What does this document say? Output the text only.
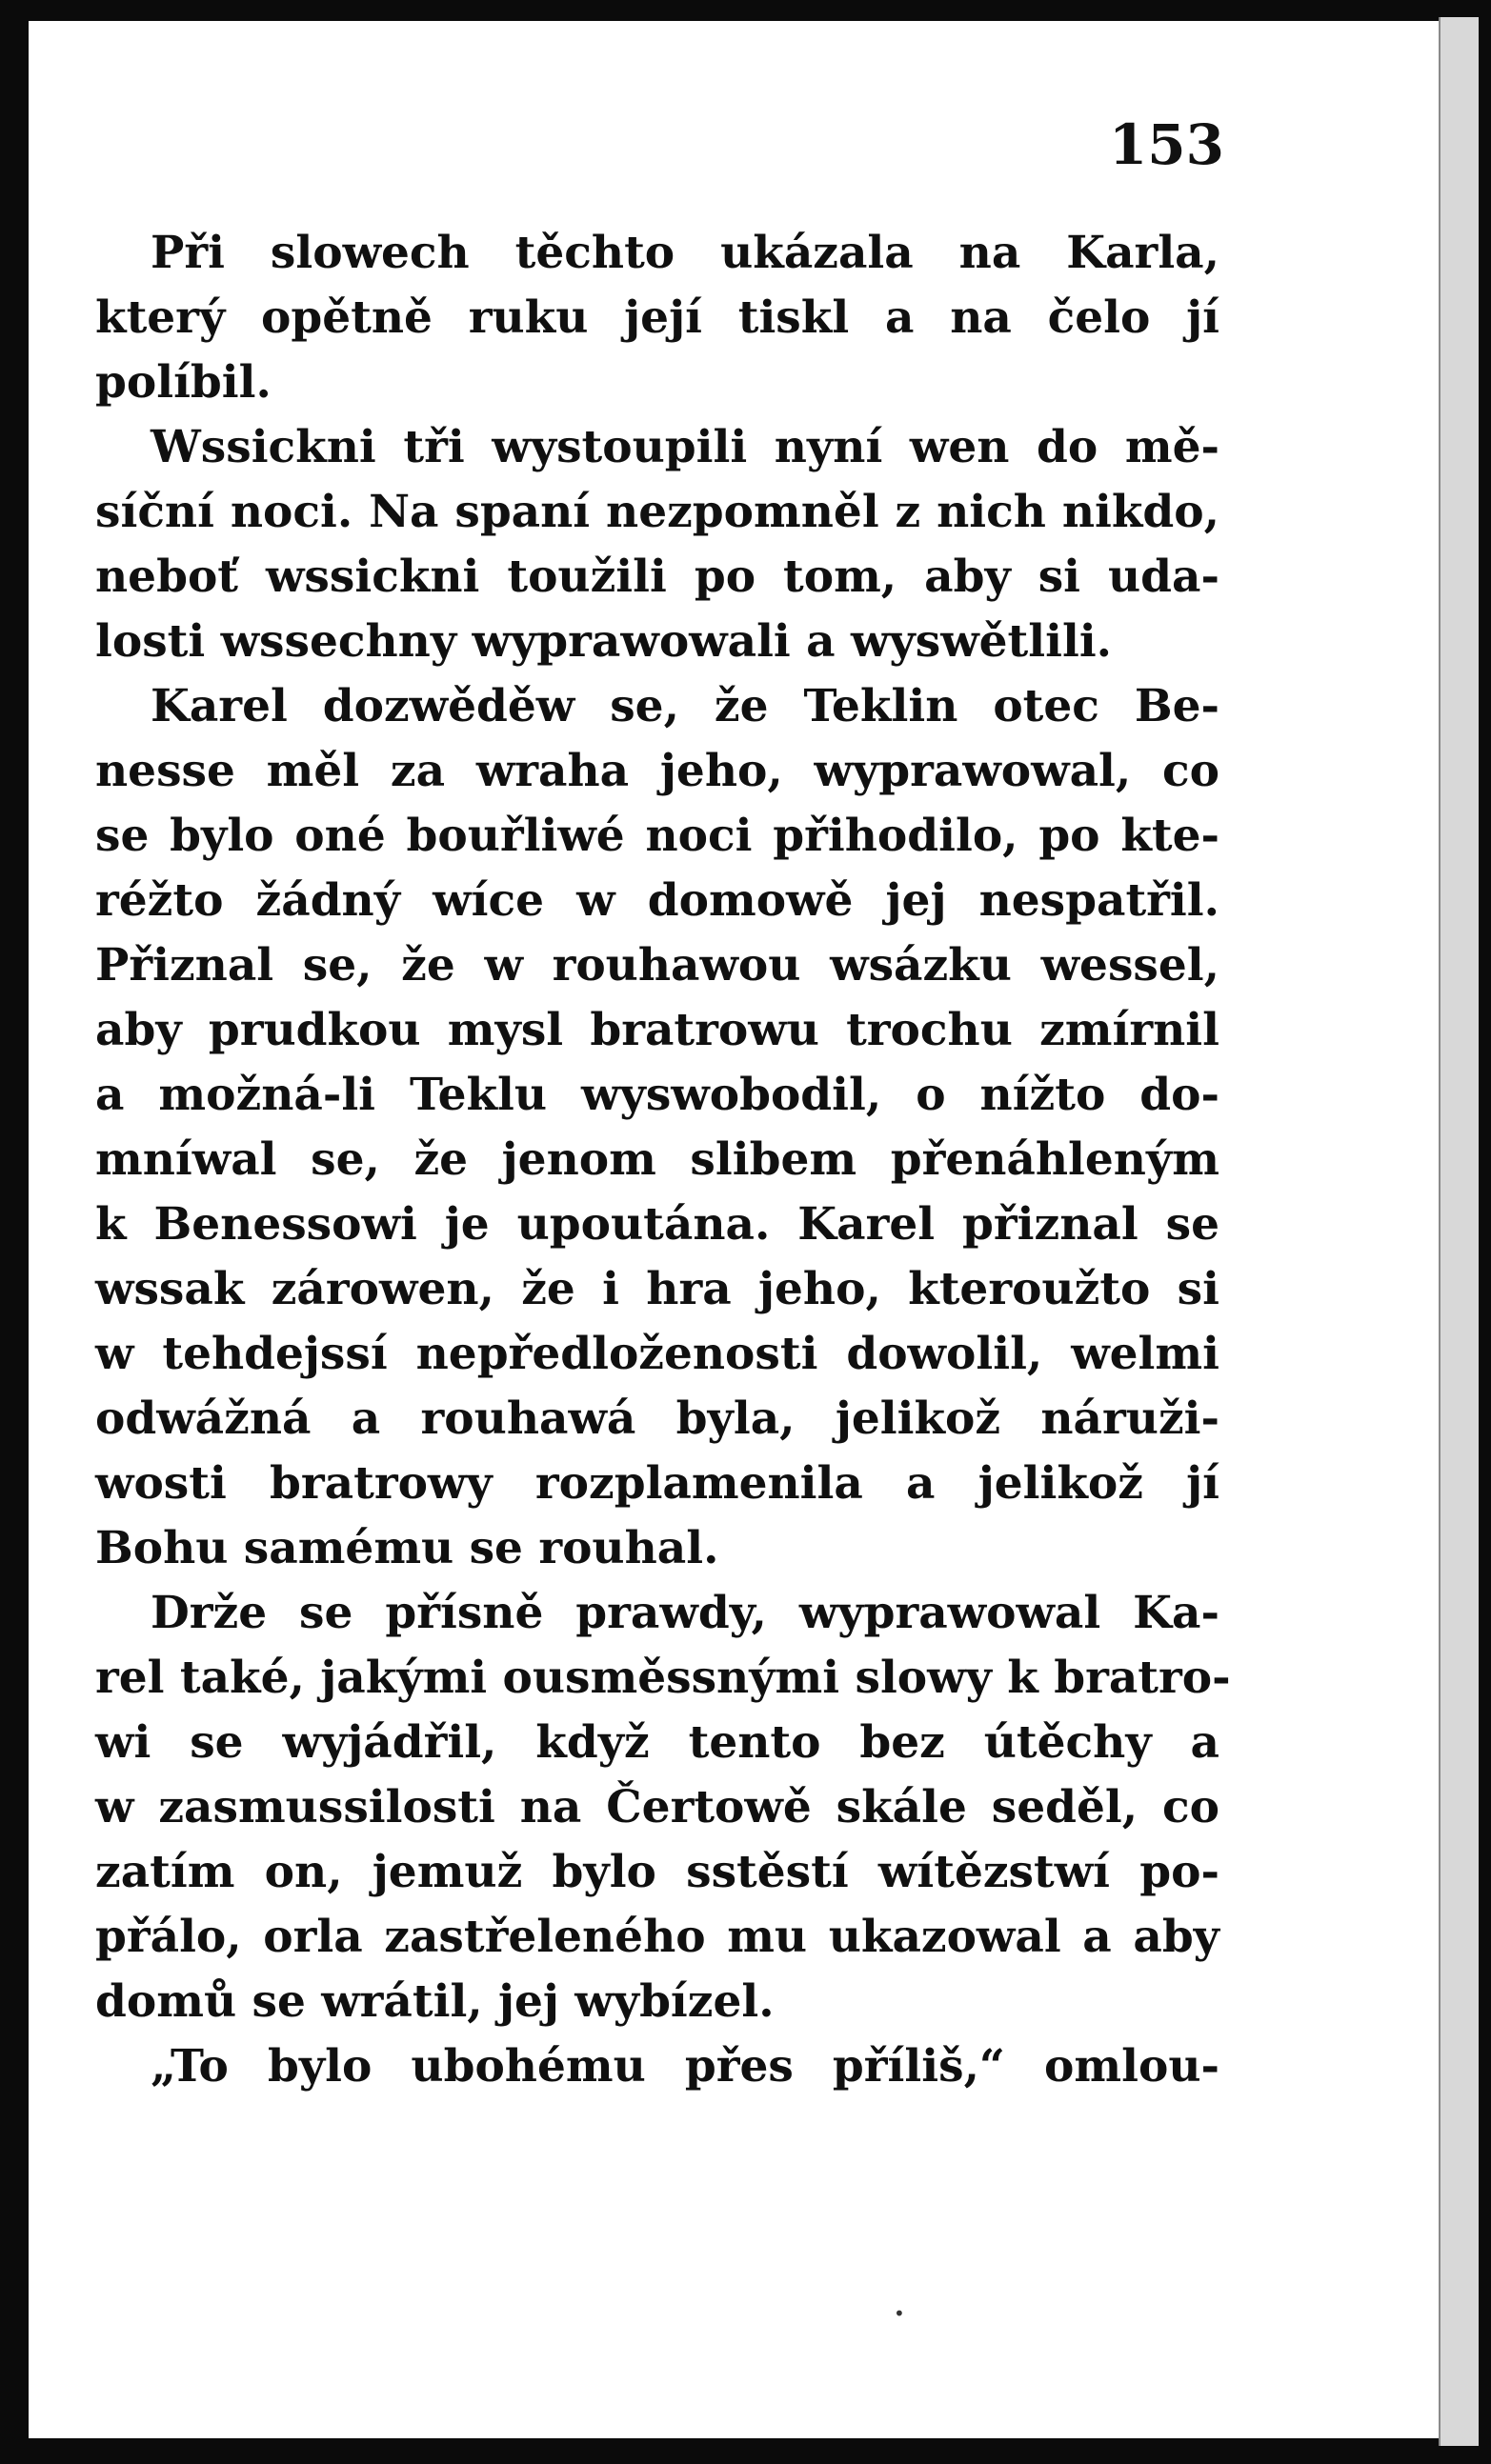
153
Při slowech těchto ukázala na Karla,
který opětně ruku její tiskl a na čelo jí
políbil.
Wssickni tři wystoupili nyní wen do mě-
síční noci. Na spaní nezpomněl z nich nikdo,
neboť wssickni toužili po tom, aby si uda-
losti wssechny wyprawowali a wyswětlili.
Karel dozwěděw se, že Teklin otec Be-
nesse měl za wraha jeho, wyprawowal, co
se bylo oné bouřliwé noci přihodilo, po kte-
réžto žádný wíce w domowě jej nespatřil.
Přiznal se, že w rouhawou wsázku wessel,
aby prudkou mysl bratrowu trochu zmírnil
a možná-li Teklu wyswobodil, o nížto do-
mníwal se, že jenom slibem přenáhleným
k Benessowi je upoutána. Karel přiznal se
wssak zárowen, že i hra jeho, kteroužto si
w tehdejssí nepředloženosti dowolil, welmi
odwážná a rouhawá byla, jelikož náruži-
wosti bratrowy rozplamenila a jelikož jí
Bohu samému se rouhal.
Drže se přísně prawdy, wyprawowal Ka-
rel také, jakými ousměssnými slowy k bratro-
wi se wyjádřil, když tento bez útěchy a
w zasmussilosti na Čertowě skále seděl, co
zatím on, jemuž bylo sstěstí wítězstwí po-
přálo, orla zastřeleného mu ukazowal a aby
domů se wrátil, jej wybízel.
„To bylo ubohému přes příliš,“ omlou-
•
